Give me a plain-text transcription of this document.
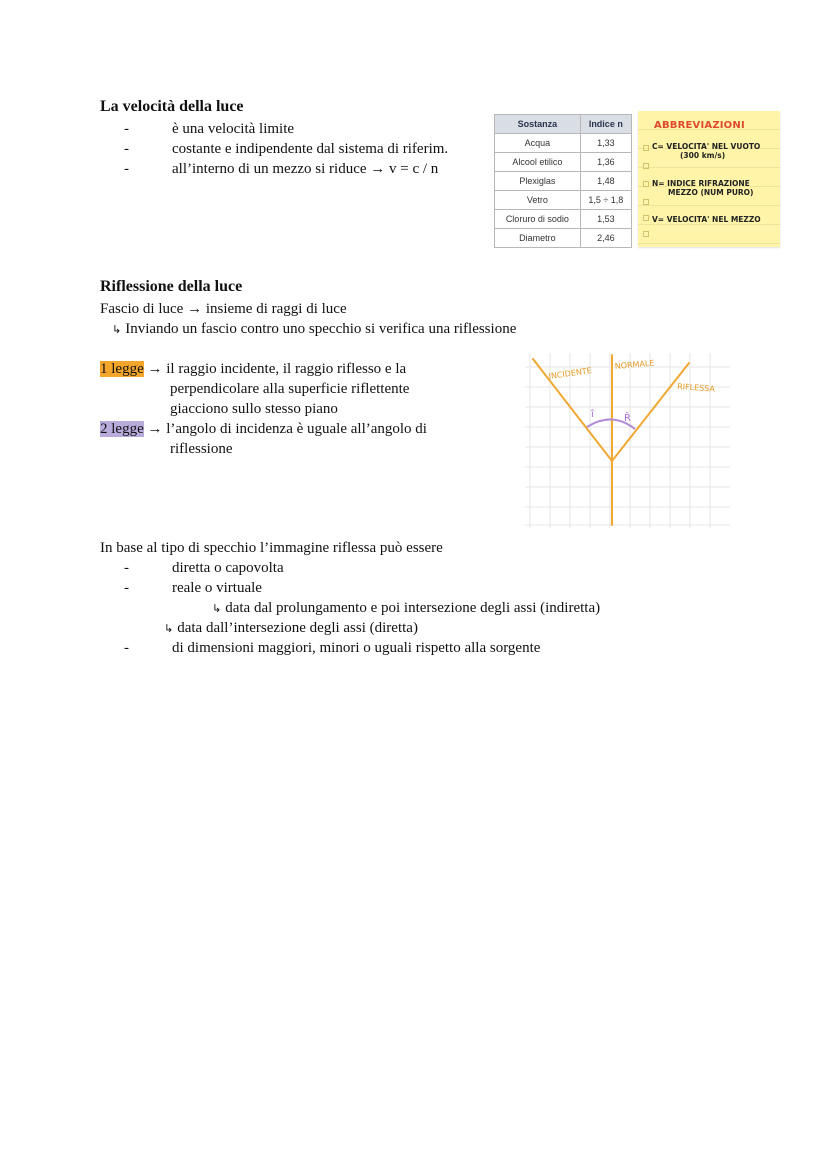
La velocità della luce
-	è una velocità limite
-	costante e indipendente dal sistema di riferim.
-	all’interno di un mezzo si riduce → v = c / n
Sostanza	Indice n
Acqua	1,33
Alcool etilico	1,36
Plexiglas	1,48
Vetro	1,5 ÷ 1,8
Cloruro di sodio	1,53
Diametro	2,46
ABBREVIAZIONI
C= VELOCITA' NEL VUOTO
(300 km/s)
N= INDICE RIFRAZIONE
MEZZO (NUM PURO)
V= VELOCITA' NEL MEZZO
Riflessione della luce
Fascio di luce → insieme di raggi di luce
↳ Inviando un fascio contro uno specchio si verifica una riflessione
1 legge → il raggio incidente, il raggio riflesso e la
perpendicolare alla superficie riflettente
giacciono sullo stesso piano
2 legge → l’angolo di incidenza è uguale all’angolo di
riflessione
INCIDENTE
NORMALE
RIFLESSA
î	R̂
In base al tipo di specchio l’immagine riflessa può essere
-	diretta o capovolta
-	reale o virtuale
↳ data dal prolungamento e poi intersezione degli assi (indiretta)
↳ data dall’intersezione degli assi (diretta)
-	di dimensioni maggiori, minori o uguali rispetto alla sorgente
